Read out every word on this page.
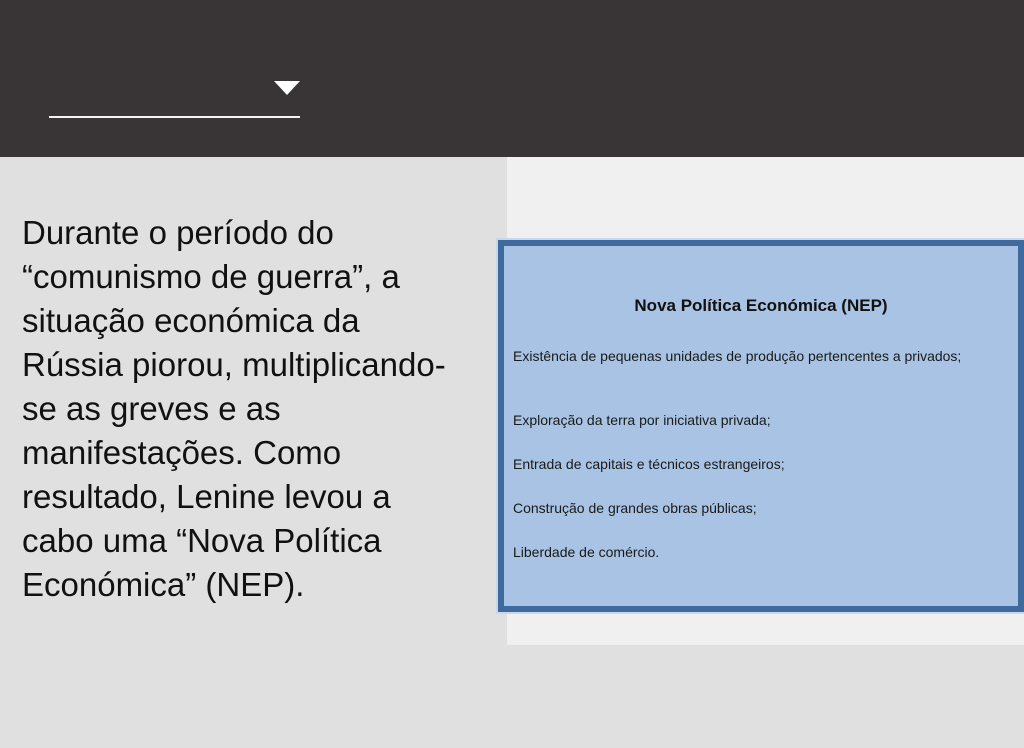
Durante o período do “comunismo de guerra”, a situação económica da Rússia piorou, multiplicando-se as greves e as manifestações. Como resultado, Lenine levou a cabo uma “Nova Política Económica” (NEP).

Nova Política Económica (NEP)
Existência de pequenas unidades de produção pertencentes a privados;
Exploração da terra por iniciativa privada;
Entrada de capitais e técnicos estrangeiros;
Construção de grandes obras públicas;
Liberdade de comércio.
